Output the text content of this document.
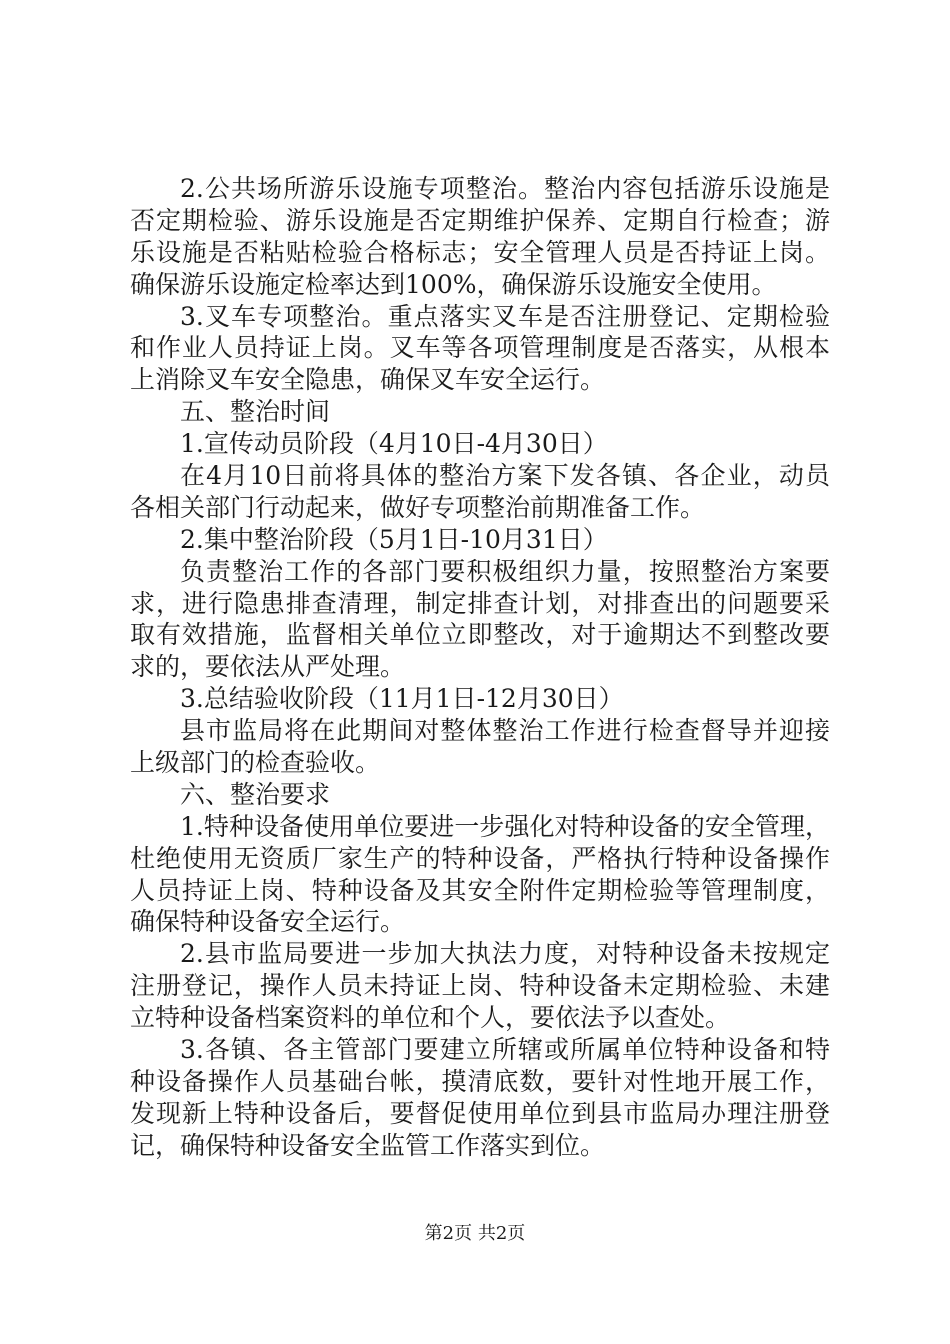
2.公共场所游乐设施专项整治。整治内容包括游乐设施是
否定期检验、游乐设施是否定期维护保养、定期自行检查；游
乐设施是否粘贴检验合格标志；安全管理人员是否持证上岗。
确保游乐设施定检率达到100%，确保游乐设施安全使用。
3.叉车专项整治。重点落实叉车是否注册登记、定期检验
和作业人员持证上岗。叉车等各项管理制度是否落实，从根本
上消除叉车安全隐患，确保叉车安全运行。
五、整治时间
1.宣传动员阶段（4月10日-4月30日）
在4月10日前将具体的整治方案下发各镇、各企业，动员
各相关部门行动起来，做好专项整治前期准备工作。
2.集中整治阶段（5月1日-10月31日）
负责整治工作的各部门要积极组织力量，按照整治方案要
求，进行隐患排查清理，制定排查计划，对排查出的问题要采
取有效措施，监督相关单位立即整改，对于逾期达不到整改要
求的，要依法从严处理。
3.总结验收阶段（11月1日-12月30日）
县市监局将在此期间对整体整治工作进行检查督导并迎接
上级部门的检查验收。
六、整治要求
1.特种设备使用单位要进一步强化对特种设备的安全管理，
杜绝使用无资质厂家生产的特种设备，严格执行特种设备操作
人员持证上岗、特种设备及其安全附件定期检验等管理制度，
确保特种设备安全运行。
2.县市监局要进一步加大执法力度，对特种设备未按规定
注册登记，操作人员未持证上岗、特种设备未定期检验、未建
立特种设备档案资料的单位和个人，要依法予以查处。
3.各镇、各主管部门要建立所辖或所属单位特种设备和特
种设备操作人员基础台帐，摸清底数，要针对性地开展工作，
发现新上特种设备后，要督促使用单位到县市监局办理注册登
记，确保特种设备安全监管工作落实到位。
第2页 共2页
